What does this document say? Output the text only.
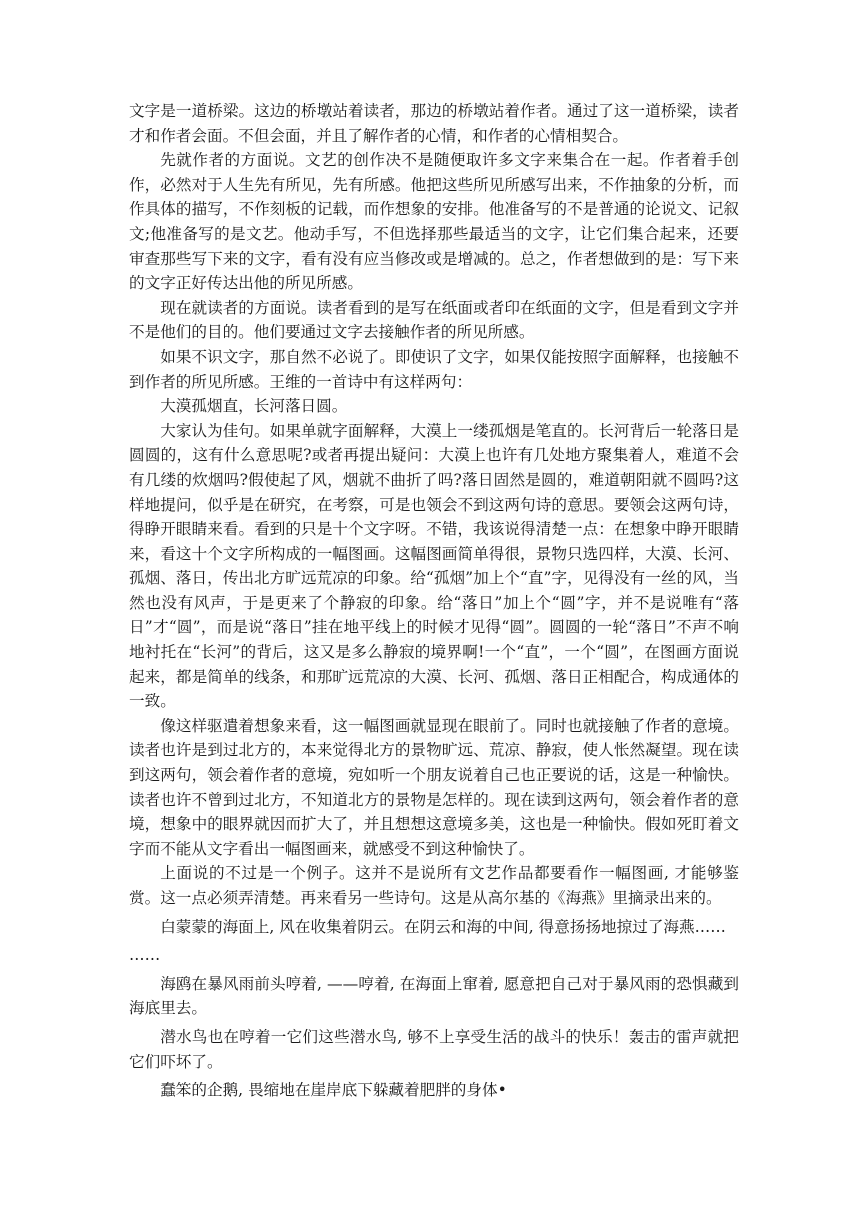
文字是一道桥梁。这边的桥墩站着读者，那边的桥墩站着作者。通过了这一道桥梁，读者才和作者会面。不但会面，并且了解作者的心情，和作者的心情相契合。

先就作者的方面说。文艺的创作决不是随便取许多文字来集合在一起。作者着手创作，必然对于人生先有所见，先有所感。他把这些所见所感写出来，不作抽象的分析，而作具体的描写，不作刻板的记载，而作想象的安排。他准备写的不是普通的论说文、记叙文;他准备写的是文艺。他动手写，不但选择那些最适当的文字，让它们集合起来，还要审查那些写下来的文字，看有没有应当修改或是增减的。总之，作者想做到的是：写下来的文字正好传达出他的所见所感。

现在就读者的方面说。读者看到的是写在纸面或者印在纸面的文字，但是看到文字并不是他们的目的。他们要通过文字去接触作者的所见所感。

如果不识文字，那自然不必说了。即使识了文字，如果仅能按照字面解释，也接触不到作者的所见所感。王维的一首诗中有这样两句：

大漠孤烟直，长河落日圆。

大家认为佳句。如果单就字面解释，大漠上一缕孤烟是笔直的。长河背后一轮落日是圆圆的，这有什么意思呢?或者再提出疑问：大漠上也许有几处地方聚集着人，难道不会有几缕的炊烟吗?假使起了风，烟就不曲折了吗?落日固然是圆的，难道朝阳就不圆吗?这样地提问，似乎是在研究，在考察，可是也领会不到这两句诗的意思。要领会这两句诗，得睁开眼睛来看。看到的只是十个文字呀。不错，我该说得清楚一点：在想象中睁开眼睛来，看这十个文字所构成的一幅图画。这幅图画简单得很，景物只选四样，大漠、长河、孤烟、落日，传出北方旷远荒凉的印象。给“孤烟”加上个“直”字，见得没有一丝的风，当然也没有风声，于是更来了个静寂的印象。给“落日”加上个“圆”字，并不是说唯有“落日”才“圆”，而是说“落日”挂在地平线上的时候才见得“圆”。圆圆的一轮“落日”不声不响地衬托在“长河”的背后，这又是多么静寂的境界啊!一个“直”，一个“圆”，在图画方面说起来，都是简单的线条，和那旷远荒凉的大漠、长河、孤烟、落日正相配合，构成通体的一致。

像这样驱遣着想象来看，这一幅图画就显现在眼前了。同时也就接触了作者的意境。读者也许是到过北方的，本来觉得北方的景物旷远、荒凉、静寂，使人怅然凝望。现在读到这两句，领会着作者的意境，宛如听一个朋友说着自己也正要说的话，这是一种愉快。读者也许不曾到过北方，不知道北方的景物是怎样的。现在读到这两句，领会着作者的意境，想象中的眼界就因而扩大了，并且想想这意境多美，这也是一种愉快。假如死盯着文字而不能从文字看出一幅图画来，就感受不到这种愉快了。

上面说的不过是一个例子。这并不是说所有文艺作品都要看作一幅图画, 才能够鉴赏。这一点必须弄清楚。再来看另一些诗句。这是从高尔基的《海燕》里摘录出来的。

白蒙蒙的海面上, 风在收集着阴云。在阴云和海的中间, 得意扬扬地掠过了海燕……

……

海鸥在暴风雨前头哼着, ——哼着, 在海面上窜着, 愿意把自己对于暴风雨的恐惧藏到海底里去。

潜水鸟也在哼着一它们这些潜水鸟, 够不上享受生活的战斗的快乐！轰击的雷声就把它们吓坏了。

蠢笨的企鹅, 畏缩地在崖岸底下躲藏着肥胖的身体•
